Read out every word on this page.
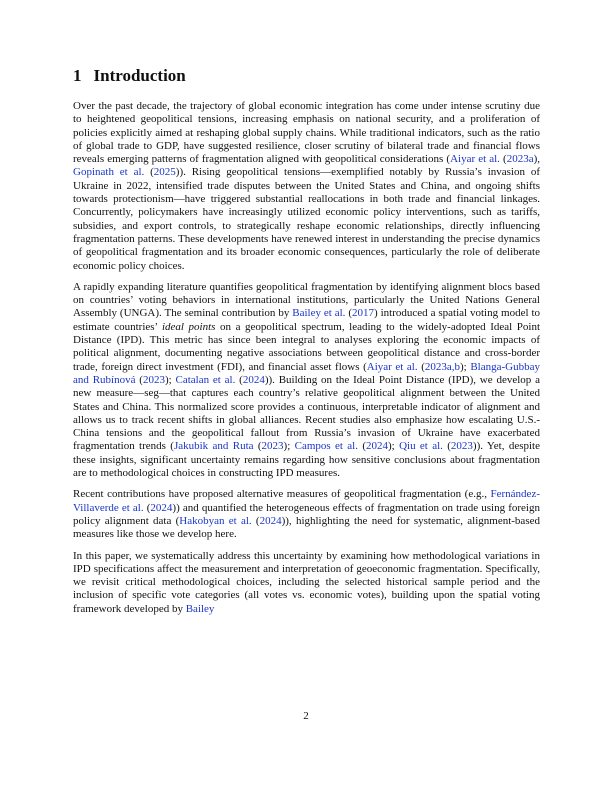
1 Introduction

Over the past decade, the trajectory of global economic integration has come under intense scrutiny due to heightened geopolitical tensions, increasing emphasis on national security, and a proliferation of policies explicitly aimed at reshaping global supply chains. While traditional indicators, such as the ratio of global trade to GDP, have suggested resilience, closer scrutiny of bilateral trade and financial flows reveals emerging patterns of fragmentation aligned with geopolitical considerations (Aiyar et al. (2023a), Gopinath et al. (2025)). Rising geopolitical tensions—exemplified notably by Russia’s invasion of Ukraine in 2022, intensified trade disputes between the United States and China, and ongoing shifts towards protectionism—have triggered substantial reallocations in both trade and financial linkages. Concurrently, policymakers have increasingly utilized economic policy interventions, such as tariffs, subsidies, and export controls, to strategically reshape economic relationships, directly influencing fragmentation patterns. These developments have renewed interest in understanding the precise dynamics of geopolitical fragmentation and its broader economic consequences, particularly the role of deliberate economic policy choices.

A rapidly expanding literature quantifies geopolitical fragmentation by identifying alignment blocs based on countries’ voting behaviors in international institutions, particularly the United Nations General Assembly (UNGA). The seminal contribution by Bailey et al. (2017) introduced a spatial voting model to estimate countries’ ideal points on a geopolitical spectrum, leading to the widely-adopted Ideal Point Distance (IPD). This metric has since been integral to analyses exploring the economic impacts of political alignment, documenting negative associations between geopolitical distance and cross-border trade, foreign direct investment (FDI), and financial asset flows (Aiyar et al. (2023a,b); Blanga-Gubbay and Rubínová (2023); Catalan et al. (2024)). Building on the Ideal Point Distance (IPD), we develop a new measure—seg—that captures each country’s relative geopolitical alignment between the United States and China. This normalized score provides a continuous, interpretable indicator of alignment and allows us to track recent shifts in global alliances. Recent studies also emphasize how escalating U.S.-China tensions and the geopolitical fallout from Russia’s invasion of Ukraine have exacerbated fragmentation trends (Jakubik and Ruta (2023); Campos et al. (2024); Qiu et al. (2023)). Yet, despite these insights, significant uncertainty remains regarding how sensitive conclusions about fragmentation are to methodological choices in constructing IPD measures.

Recent contributions have proposed alternative measures of geopolitical fragmentation (e.g., Fernández-Villaverde et al. (2024)) and quantified the heterogeneous effects of fragmentation on trade using foreign policy alignment data (Hakobyan et al. (2024)), highlighting the need for systematic, alignment-based measures like those we develop here.

In this paper, we systematically address this uncertainty by examining how methodological variations in IPD specifications affect the measurement and interpretation of geoeconomic fragmentation. Specifically, we revisit critical methodological choices, including the selected historical sample period and the inclusion of specific vote categories (all votes vs. economic votes), building upon the spatial voting framework developed by Bailey

2
